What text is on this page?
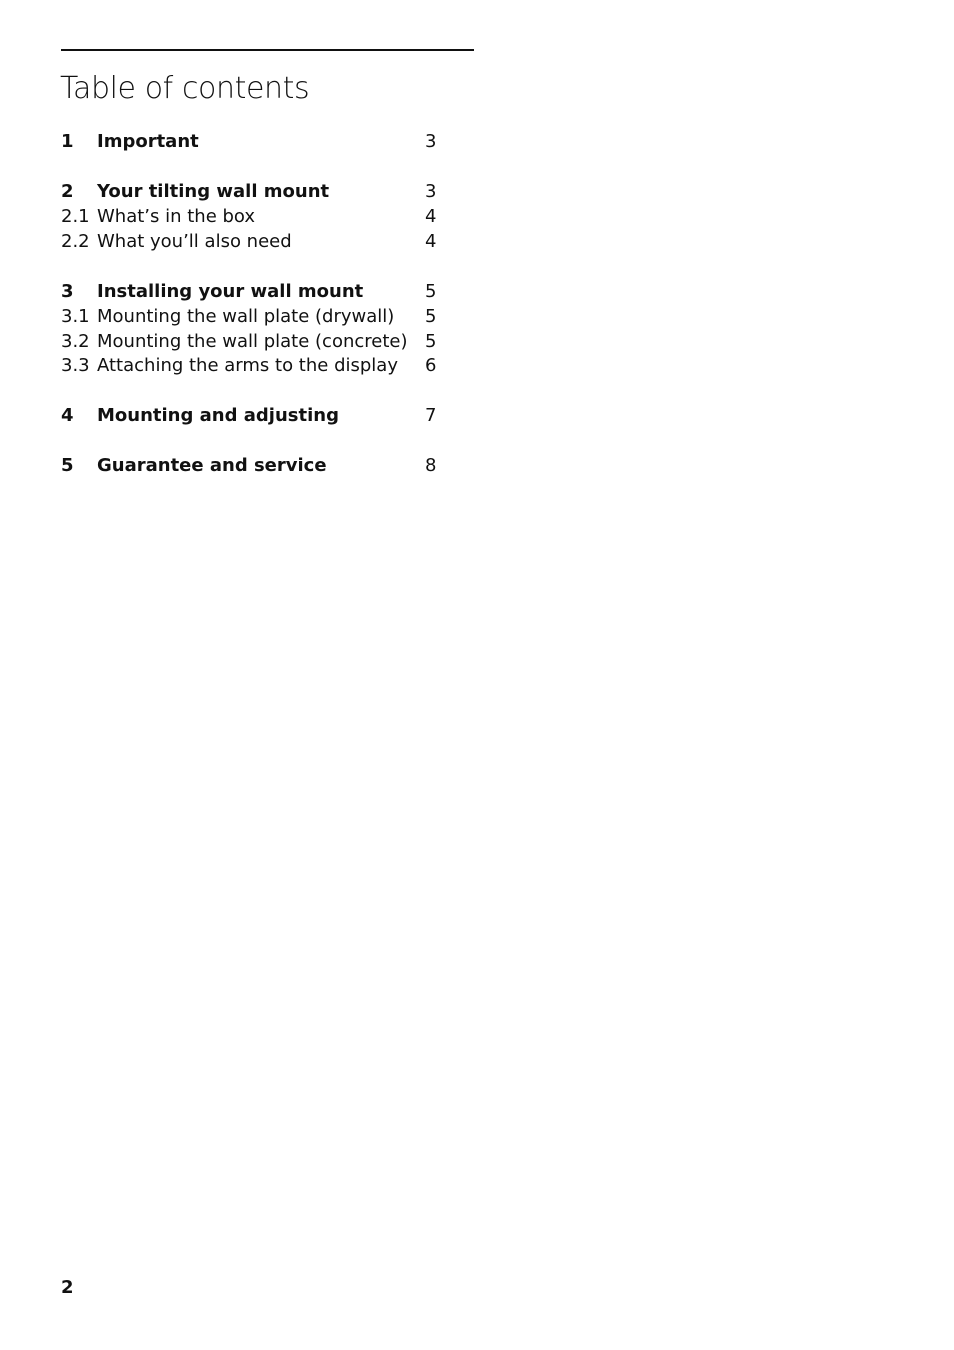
Table of contents
1 Important	3
2 Your tilting wall mount	3
2.1 What’s in the box	4
2.2 What you’ll also need	4
3 Installing your wall mount	5
3.1 Mounting the wall plate (drywall) 5
3.2 Mounting the wall plate (concrete) 5
3.3 Attaching the arms to the display 6
4 Mounting and adjusting	7
5 Guarantee and service	8
2
